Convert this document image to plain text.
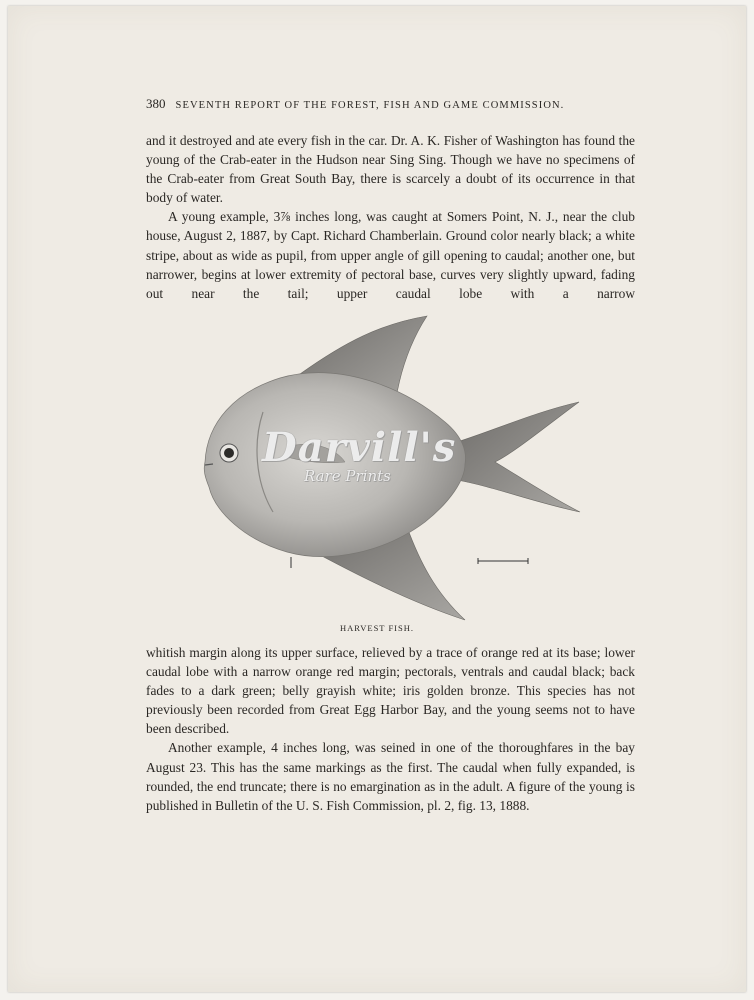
380 SEVENTH REPORT OF THE FOREST, FISH AND GAME COMMISSION.

and it destroyed and ate every fish in the car. Dr. A. K. Fisher of Washington has found the young of the Crab-eater in the Hudson near Sing Sing. Though we have no specimens of the Crab-eater from Great South Bay, there is scarcely a doubt of its occurrence in that body of water.

A young example, 3⅞ inches long, was caught at Somers Point, N. J., near the club house, August 2, 1887, by Capt. Richard Chamberlain. Ground color nearly black; a white stripe, about as wide as pupil, from upper angle of gill opening to caudal; another one, but narrower, begins at lower extremity of pectoral base, curves very slightly upward, fading out near the tail; upper caudal lobe with a narrow

Darvill's
Rare Prints
HARVEST FISH.

whitish margin along its upper surface, relieved by a trace of orange red at its base; lower caudal lobe with a narrow orange red margin; pectorals, ventrals and caudal black; back fades to a dark green; belly grayish white; iris golden bronze. This species has not previously been recorded from Great Egg Harbor Bay, and the young seems not to have been described.

Another example, 4 inches long, was seined in one of the thoroughfares in the bay August 23. This has the same markings as the first. The caudal when fully expanded, is rounded, the end truncate; there is no emargination as in the adult. A figure of the young is published in Bulletin of the U. S. Fish Commission, pl. 2, fig. 13, 1888.
